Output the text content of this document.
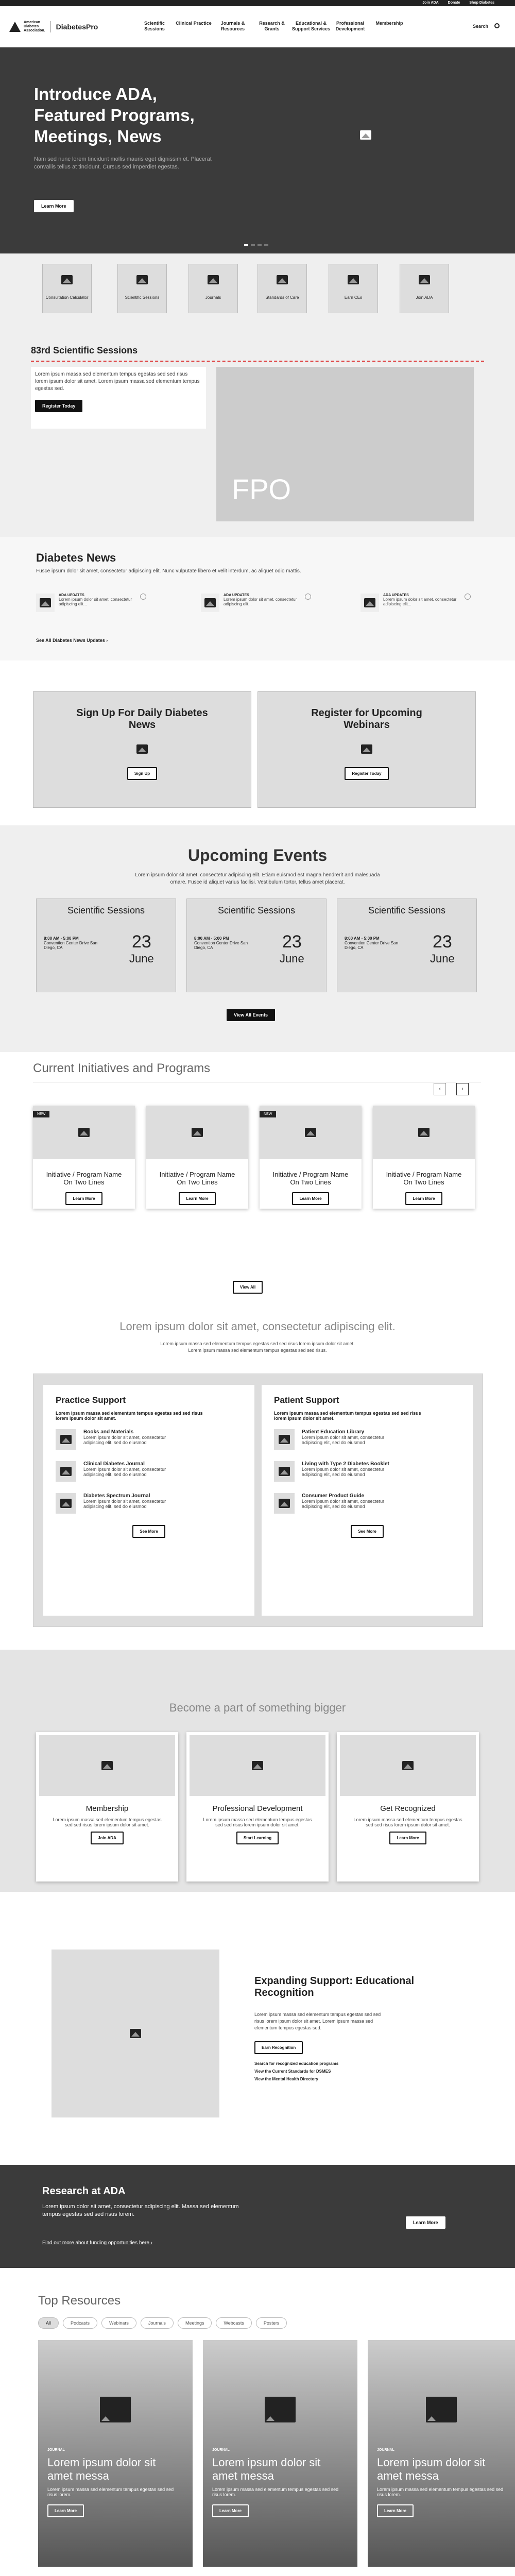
Join ADA	Donate	Shop Diabetes
American
Diabetes
Association. DiabetesPro	Scientific Sessions
Clinical Practice	Journals & Resources
Research & Grants
Educational & Support Services
Professional Development
Membership
Search
Introduce ADA, Featured Programs, Meetings, News

Nam sed nunc lorem tincidunt mollis mauris eget dignissim et. Placerat convallis tellus at tincidunt. Cursus sed imperdiet egestas.

Learn More
Consultation Calculator	Scientific Sessions	Journals	Standards of Care	Earn CEs	Join ADA
83rd Scientific Sessions

Lorem ipsum massa sed elementum tempus egestas sed sed risus lorem ipsum dolor sit amet. Lorem ipsum massa sed elementum tempus egestas sed.

Register Today
FPO
Diabetes News

Fusce ipsum dolor sit amet, consectetur adipiscing elit. Nunc vulputate libero et velit interdum, ac aliquet odio mattis.

ADA UPDATES
Lorem ipsum dolor sit amet, consectetur adipiscing elit...
ADA UPDATES
Lorem ipsum dolor sit amet, consectetur adipiscing elit...
ADA UPDATES
Lorem ipsum dolor sit amet, consectetur adipiscing elit...
See All Diabetes News Updates ›
Sign Up For Daily Diabetes News
Sign Up
Register for Upcoming Webinars
Register Today
Upcoming Events

Lorem ipsum dolor sit amet, consectetur adipiscing elit. Etiam euismod est magna hendrerit and malesuada ornare. Fusce id aliquet varius facilisi. Vestibulum tortor, tellus amet placerat.

Scientific Sessions
8:00 AM - 5:00 PM
Convention Center Drive San Diego, CA	23
June
Scientific Sessions
8:00 AM - 5:00 PM
Convention Center Drive San Diego, CA	23
June
Scientific Sessions
8:00 AM - 5:00 PM
Convention Center Drive San Diego, CA	23
June
View All Events
Current Initiatives and Programs
‹	›
NEW
Initiative / Program Name On Two Lines
Learn More
Initiative / Program Name On Two Lines
Learn More
NEW
Initiative / Program Name On Two Lines
Learn More
Initiative / Program Name On Two Lines
Learn More
View All
Lorem ipsum dolor sit amet, consectetur adipiscing elit.

Lorem ipsum massa sed elementum tempus egestas sed sed risus lorem ipsum dolor sit amet. Lorem ipsum massa sed elementum tempus egestas sed sed risus.

Practice Support
Lorem ipsum massa sed elementum tempus egestas sed sed risus lorem ipsum dolor sit amet.
Books and Materials
Lorem ipsum dolor sit amet, consectetur adipiscing elit, sed do eiusmod
Clinical Diabetes Journal
Lorem ipsum dolor sit amet, consectetur adipiscing elit, sed do eiusmod
Diabetes Spectrum Journal
Lorem ipsum dolor sit amet, consectetur adipiscing elit, sed do eiusmod
See More
Patient Support
Lorem ipsum massa sed elementum tempus egestas sed sed risus lorem ipsum dolor sit amet.
Patient Education Library
Lorem ipsum dolor sit amet, consectetur adipiscing elit, sed do eiusmod
Living with Type 2 Diabetes Booklet
Lorem ipsum dolor sit amet, consectetur adipiscing elit, sed do eiusmod
Consumer Product Guide
Lorem ipsum dolor sit amet, consectetur adipiscing elit, sed do eiusmod
See More
Become a part of something bigger
Membership
Lorem ipsum massa sed elementum tempus egestas sed sed risus lorem ipsum dolor sit amet.
Join ADA
Professional Development
Lorem ipsum massa sed elementum tempus egestas sed sed risus lorem ipsum dolor sit amet.
Start Learning
Get Recognized
Lorem ipsum massa sed elementum tempus egestas sed sed risus lorem ipsum dolor sit amet.
Learn More
Expanding Support: Educational Recognition

Lorem ipsum massa sed elementum tempus egestas sed sed risus lorem ipsum dolor sit amet. Lorem ipsum massa sed elementum tempus egestas sed.

Earn Recognition
Search for recognized education programs
View the Current Standards for DSMES
View the Mental Health Directory
Research at ADA

Lorem ipsum dolor sit amet, consectetur adipiscing elit. Massa sed elementum tempus egestas sed sed risus lorem.

Find out more about funding opportunities here ›
Learn More
Top Resources
All	Podcasts	Webinars	Journals	Meetings	Webcasts	Posters
JOURNAL
Lorem ipsum dolor sit amet messa
Lorem ipsum massa sed elementum tempus egestas sed sed risus lorem.
Learn More
JOURNAL
Lorem ipsum dolor sit amet messa
Lorem ipsum massa sed elementum tempus egestas sed sed risus lorem.
Learn More
JOURNAL
Lorem ipsum dolor sit amet messa
Lorem ipsum massa sed elementum tempus egestas sed sed risus lorem.
Learn More
